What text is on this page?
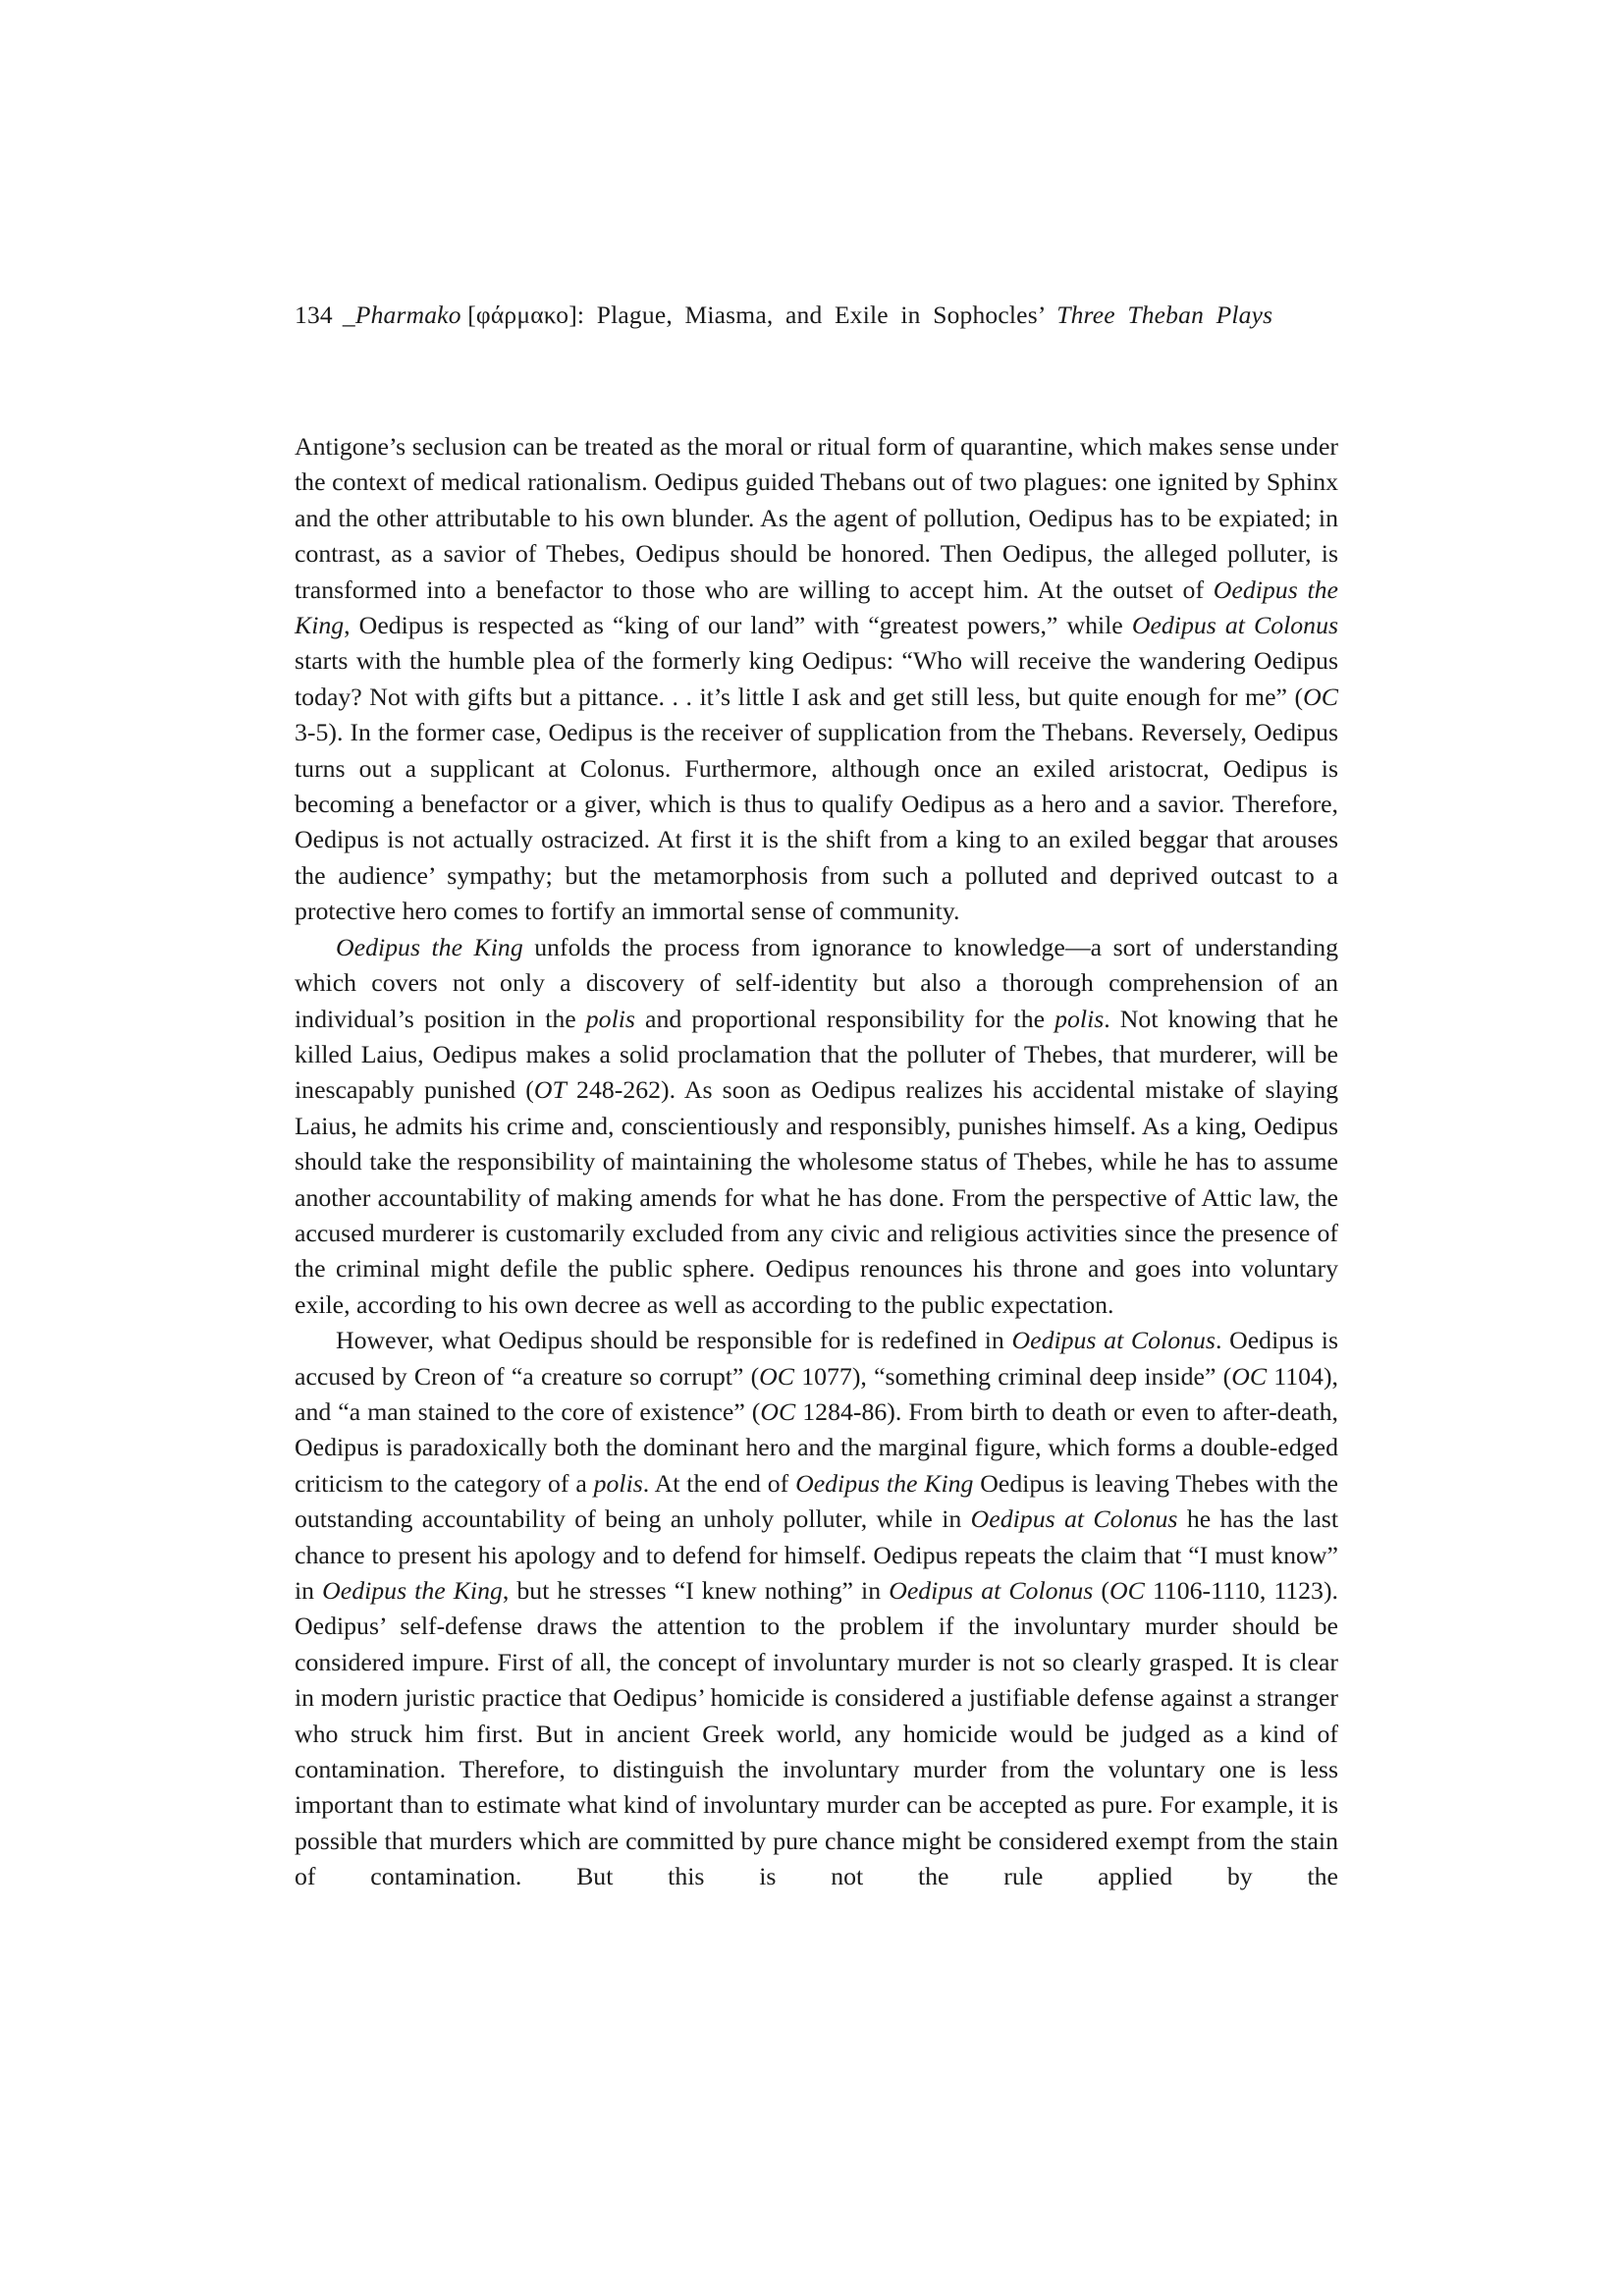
134 _Pharmako [φάρμακο]: Plague, Miasma, and Exile in Sophocles’ Three Theban Plays

Antigone’s seclusion can be treated as the moral or ritual form of quarantine, which makes sense under the context of medical rationalism. Oedipus guided Thebans out of two plagues: one ignited by Sphinx and the other attributable to his own blunder. As the agent of pollution, Oedipus has to be expiated; in contrast, as a savior of Thebes, Oedipus should be honored. Then Oedipus, the alleged polluter, is transformed into a benefactor to those who are willing to accept him. At the outset of Oedipus the King, Oedipus is respected as “king of our land” with “greatest powers,” while Oedipus at Colonus starts with the humble plea of the formerly king Oedipus: “Who will receive the wandering Oedipus today? Not with gifts but a pittance. . . it’s little I ask and get still less, but quite enough for me” (OC 3-5). In the former case, Oedipus is the receiver of supplication from the Thebans. Reversely, Oedipus turns out a supplicant at Colonus. Furthermore, although once an exiled aristocrat, Oedipus is becoming a benefactor or a giver, which is thus to qualify Oedipus as a hero and a savior. Therefore, Oedipus is not actually ostracized. At first it is the shift from a king to an exiled beggar that arouses the audience’ sympathy; but the metamorphosis from such a polluted and deprived outcast to a protective hero comes to fortify an immortal sense of community.

Oedipus the King unfolds the process from ignorance to knowledge—a sort of understanding which covers not only a discovery of self-identity but also a thorough comprehension of an individual’s position in the polis and proportional responsibility for the polis. Not knowing that he killed Laius, Oedipus makes a solid proclamation that the polluter of Thebes, that murderer, will be inescapably punished (OT 248-262). As soon as Oedipus realizes his accidental mistake of slaying Laius, he admits his crime and, conscientiously and responsibly, punishes himself. As a king, Oedipus should take the responsibility of maintaining the wholesome status of Thebes, while he has to assume another accountability of making amends for what he has done. From the perspective of Attic law, the accused murderer is customarily excluded from any civic and religious activities since the presence of the criminal might defile the public sphere. Oedipus renounces his throne and goes into voluntary exile, according to his own decree as well as according to the public expectation.

However, what Oedipus should be responsible for is redefined in Oedipus at Colonus. Oedipus is accused by Creon of “a creature so corrupt” (OC 1077), “something criminal deep inside” (OC 1104), and “a man stained to the core of existence” (OC 1284-86). From birth to death or even to after-death, Oedipus is paradoxically both the dominant hero and the marginal figure, which forms a double-edged criticism to the category of a polis. At the end of Oedipus the King Oedipus is leaving Thebes with the outstanding accountability of being an unholy polluter, while in Oedipus at Colonus he has the last chance to present his apology and to defend for himself. Oedipus repeats the claim that “I must know” in Oedipus the King, but he stresses “I knew nothing” in Oedipus at Colonus (OC 1106-1110, 1123). Oedipus’ self-defense draws the attention to the problem if the involuntary murder should be considered impure. First of all, the concept of involuntary murder is not so clearly grasped. It is clear in modern juristic practice that Oedipus’ homicide is considered a justifiable defense against a stranger who struck him first. But in ancient Greek world, any homicide would be judged as a kind of contamination. Therefore, to distinguish the involuntary murder from the voluntary one is less important than to estimate what kind of involuntary murder can be accepted as pure. For example, it is possible that murders which are committed by pure chance might be considered exempt from the stain of contamination. But this is not the rule applied by the
